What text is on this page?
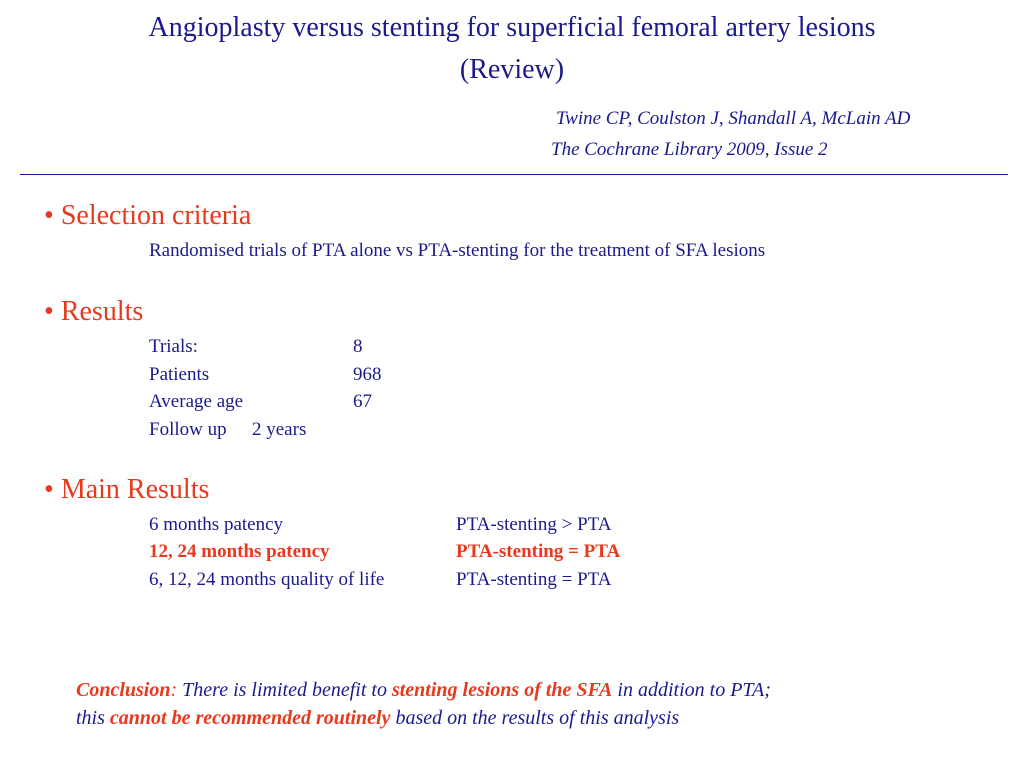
Angioplasty versus stenting for superficial femoral artery lesions
(Review)
Twine CP, Coulston J, Shandall A, McLain AD
The Cochrane Library 2009, Issue 2
• Selection criteria
Randomised trials of PTA alone vs PTA-stenting for the treatment of SFA lesions
• Results
Trials:	8
Patients	968
Average age	67
Follow up 2 years
• Main Results
6 months patency	PTA-stenting > PTA
12, 24 months patency	PTA-stenting = PTA
6, 12, 24 months quality of life	PTA-stenting = PTA
Conclusion: There is limited benefit to stenting lesions of the SFA in addition to PTA;
this cannot be recommended routinely based on the results of this analysis
